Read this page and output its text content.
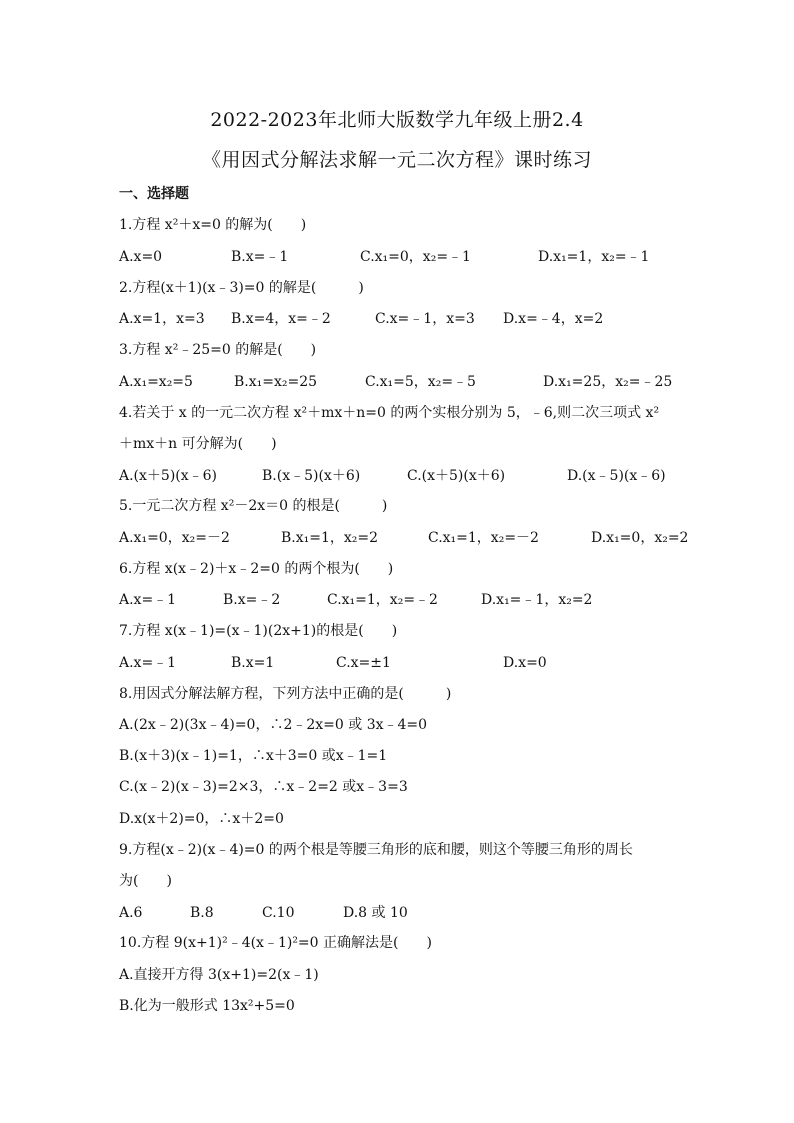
2022-2023年北师大版数学九年级上册2.4
《用因式分解法求解一元二次方程》课时练习
一、选择题
1.方程 x²＋x=0 的解为(　　)
A.x=0	B.x=﹣1	C.x₁=0，x₂=﹣1	D.x₁=1，x₂=﹣1
2.方程(x＋1)(x﹣3)=0 的解是(　　　)
A.x=1，x=3 B.x=4，x=﹣2	C.x=﹣1，x=3 D.x=﹣4，x=2
3.方程 x²﹣25=0 的解是(　　)
A.x₁=x₂=5	B.x₁=x₂=25	C.x₁=5，x₂=﹣5	D.x₁=25，x₂=﹣25
4.若关于 x 的一元二次方程 x²＋mx＋n=0 的两个实根分别为 5，﹣6,则二次三项式 x²
＋mx＋n 可分解为(　　)
A.(x＋5)(x﹣6)	B.(x﹣5)(x＋6)	C.(x＋5)(x＋6)	D.(x﹣5)(x﹣6)
5.一元二次方程 x²－2x＝0 的根是(　　　)
A.x₁=0，x₂=－2	B.x₁=1，x₂=2	C.x₁=1，x₂=－2	D.x₁=0，x₂=2
6.方程 x(x﹣2)＋x﹣2=0 的两个根为(　　)
A.x=﹣1	B.x=﹣2	C.x₁=1，x₂=﹣2	D.x₁=﹣1，x₂=2
7.方程 x(x﹣1)=(x﹣1)(2x+1)的根是(　　)
A.x=﹣1	B.x=1	C.x=±1	D.x=0
8.用因式分解法解方程，下列方法中正确的是(　　　)
A.(2x﹣2)(3x﹣4)=0，∴2﹣2x=0 或 3x﹣4=0
B.(x＋3)(x﹣1)=1，∴x＋3=0 或x﹣1=1
C.(x﹣2)(x﹣3)=2×3，∴x﹣2=2 或x﹣3=3
D.x(x＋2)=0，∴x＋2=0
9.方程(x﹣2)(x﹣4)=0 的两个根是等腰三角形的底和腰，则这个等腰三角形的周长
为(　　)
A.6	B.8	C.10	D.8 或 10
10.方程 9(x+1)²﹣4(x﹣1)²=0 正确解法是(　　)
A.直接开方得 3(x+1)=2(x﹣1)
B.化为一般形式 13x²+5=0
